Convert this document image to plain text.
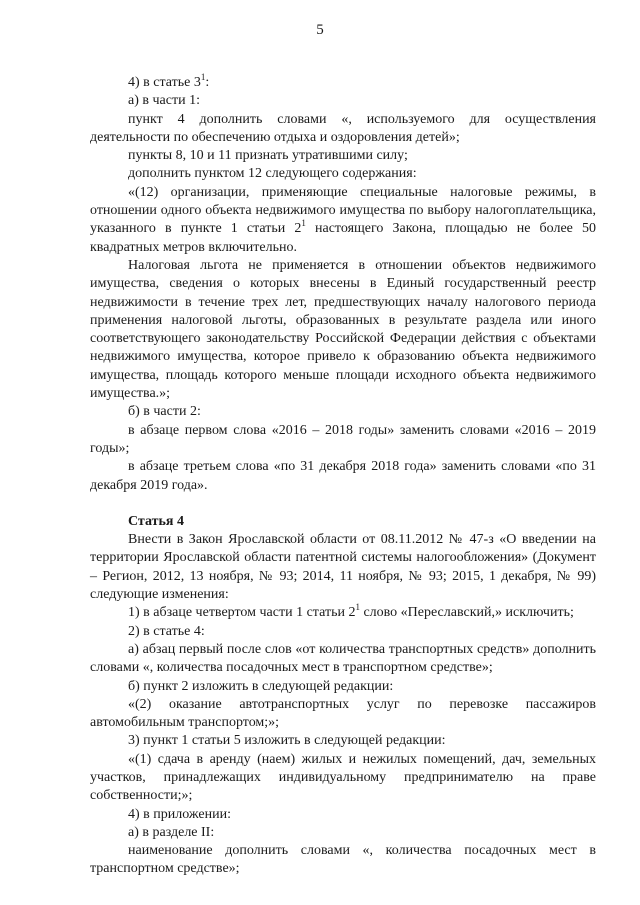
5

4) в статье $3^1$:

а) в части 1:

пункт 4 дополнить словами «, используемого для осуществления деятельности по обеспечению отдыха и оздоровления детей»;

пункты 8, 10 и 11 признать утратившими силу;

дополнить пунктом 12 следующего содержания:

«(12) организации, применяющие специальные налоговые режимы, в отношении одного объекта недвижимого имущества по выбору налогоплательщика, указанного в пункте 1 статьи $2^1$ настоящего Закона, площадью не более 50 квадратных метров включительно.

Налоговая льгота не применяется в отношении объектов недвижимого имущества, сведения о которых внесены в Единый государственный реестр недвижимости в течение трех лет, предшествующих началу налогового периода применения налоговой льготы, образованных в результате раздела или иного соответствующего законодательству Российской Федерации действия с объектами недвижимого имущества, которое привело к образованию объекта недвижимого имущества, площадь которого меньше площади исходного объекта недвижимого имущества.»;

б) в части 2:

в абзаце первом слова «2016 – 2018 годы» заменить словами «2016 – 2019 годы»;

в абзаце третьем слова «по 31 декабря 2018 года» заменить словами «по 31 декабря 2019 года».

Статья 4

Внести в Закон Ярославской области от 08.11.2012 № 47-з «О введении на территории Ярославской области патентной системы налогообложения» (Документ – Регион, 2012, 13 ноября, № 93; 2014, 11 ноября, № 93; 2015, 1 декабря, № 99) следующие изменения:

1) в абзаце четвертом части 1 статьи $2^1$ слово «Переславский,» исключить;

2) в статье 4:

а) абзац первый после слов «от количества транспортных средств» дополнить словами «, количества посадочных мест в транспортном средстве»;

б) пункт 2 изложить в следующей редакции:

«(2) оказание автотранспортных услуг по перевозке пассажиров автомобильным транспортом;»;

3) пункт 1 статьи 5 изложить в следующей редакции:

«(1) сдача в аренду (наем) жилых и нежилых помещений, дач, земельных участков, принадлежащих индивидуальному предпринимателю на праве собственности;»;

4) в приложении:

а) в разделе II:

наименование дополнить словами «, количества посадочных мест в транспортном средстве»;
